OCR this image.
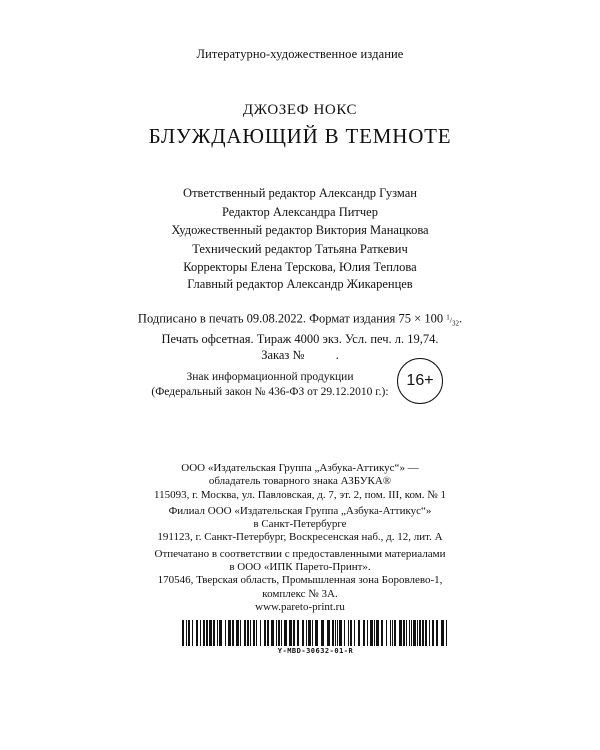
Литературно-художественное издание
ДЖОЗЕФ НОКС
БЛУЖДАЮЩИЙ В ТЕМНОТЕ
Ответственный редактор Александр Гузман
Редактор Александра Питчер
Художественный редактор Виктория Манацкова
Технический редактор Татьяна Раткевич
Корректоры Елена Терскова, Юлия Теплова
Главный редактор Александр Жикаренцев
Подписано в печать 09.08.2022. Формат издания 75 × 100 $^1/_{32}$.
Печать офсетная. Тираж 4000 экз. Усл. печ. л. 19,74.
Заказ №          .
Знак информационной продукции
(Федеральный закон № 436-ФЗ от 29.12.2010 г.):
16+

ООО «Издательская Группа „Азбука-Аттикус“» —
обладатель товарного знака АЗБУКА®
115093, г. Москва, ул. Павловская, д. 7, эт. 2, пом. III, ком. № 1

Филиал ООО «Издательская Группа „Азбука-Аттикус“»
в Санкт-Петербурге
191123, г. Санкт-Петербург, Воскресенская наб., д. 12, лит. А

Отпечатано в соответствии с предоставленными материалами
в ООО «ИПК Парето-Принт».
170546, Тверская область, Промышленная зона Боровлево-1,
комплекс № 3А.
www.pareto-print.ru

Y-MBD-30632-01-R
